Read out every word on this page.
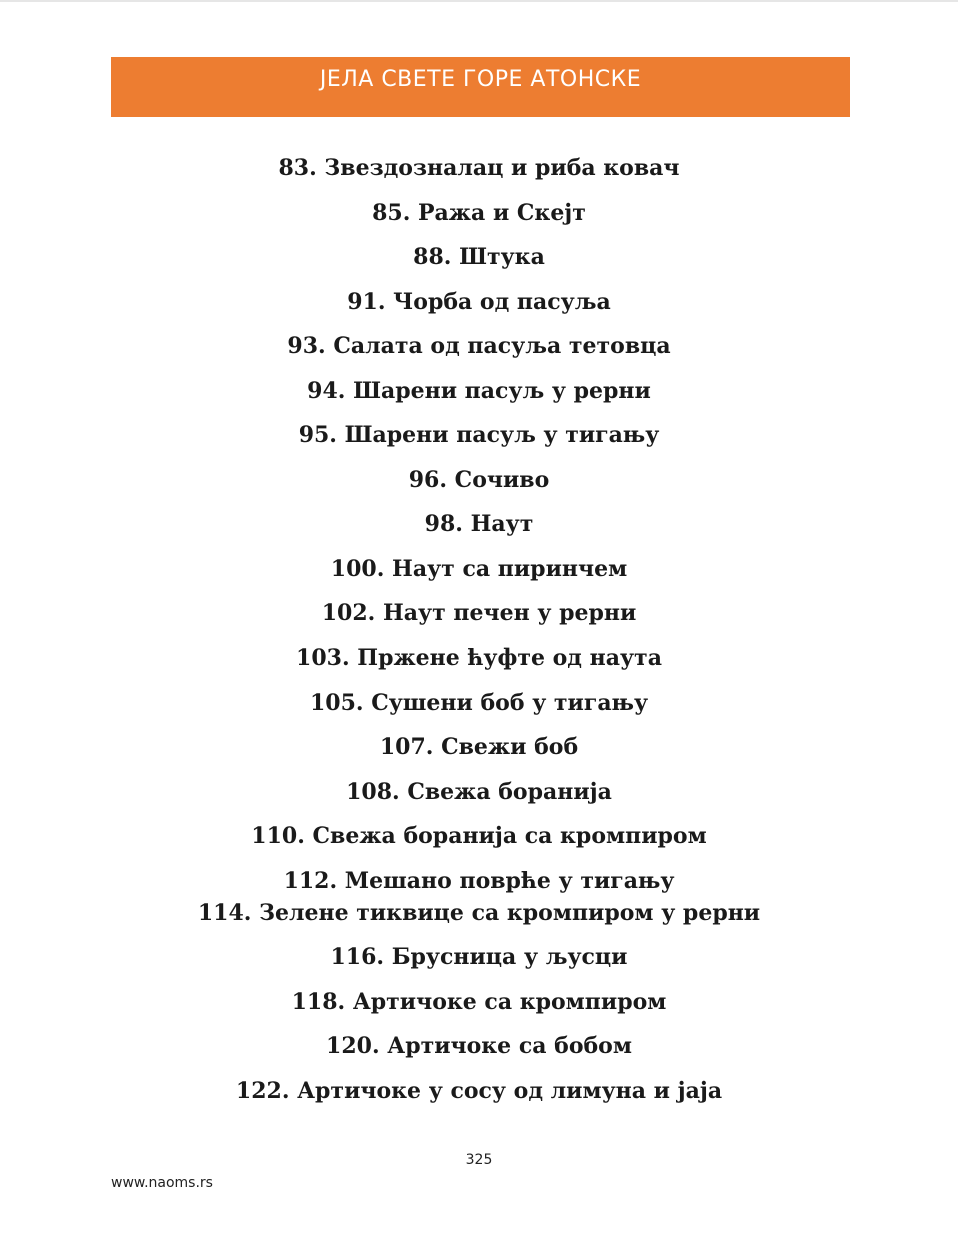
ЈЕЛА СВЕТЕ ГОРЕ АТОНСКЕ
83. Звездозналац и риба ковач
85. Ража и Скејт
88. Штука
91. Чорба од пасуља
93. Салата од пасуља тетовца
94. Шарени пасуљ у рерни
95. Шарени пасуљ у тигању
96. Сочиво
98. Наут
100. Наут са пиринчем
102. Наут печен у рерни
103. Пржене ћуфте од наута
105. Сушени боб у тигању
107. Свежи боб
108. Свежа боранија
110. Свежа боранија са кромпиром
112. Мешано поврће у тигању
114. Зелене тиквице са кромпиром у рерни
116. Брусница у љусци
118. Артичоке са кромпиром
120. Артичоке са бобом
122. Артичоке у сосу од лимуна и јаја
325
www.naoms.rs
